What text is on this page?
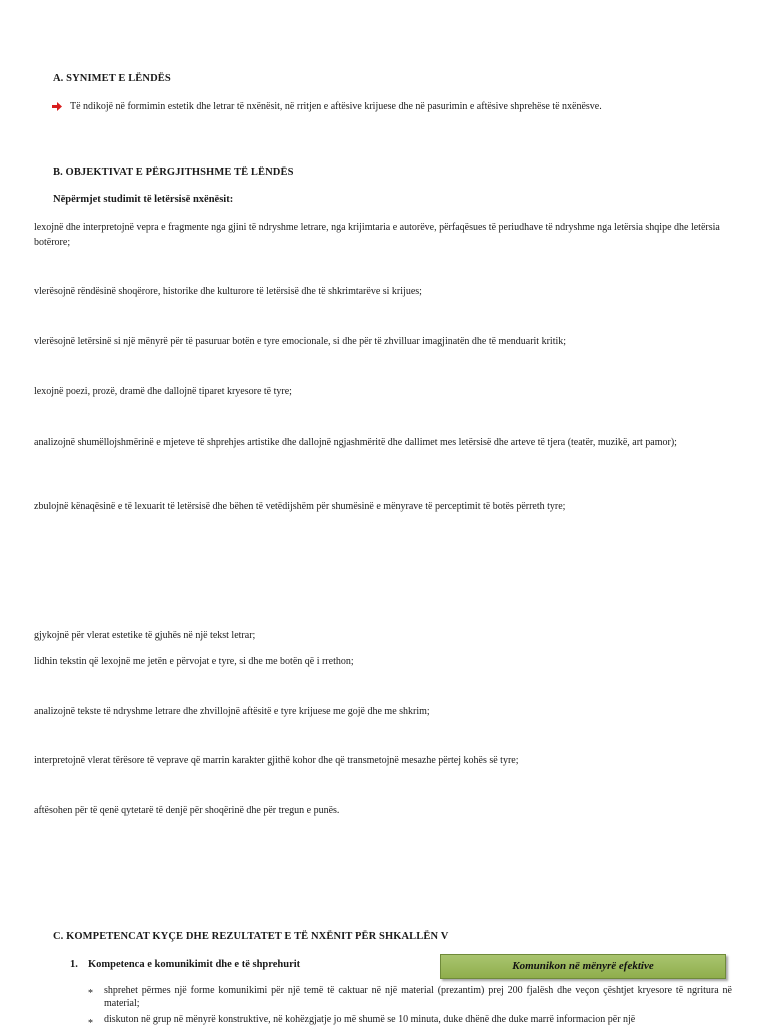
A. SYNIMET E LËNDËS
Të ndikojë në formimin estetik dhe letrar të nxënësit, në rritjen e aftësive krijuese dhe në pasurimin e aftësive shprehëse të nxënësve.
B. OBJEKTIVAT E PËRGJITHSHME TË LËNDËS
Nëpërmjet studimit të letërsisë nxënësit:
lexojnë dhe interpretojnë vepra e fragmente nga gjini të ndryshme letrare, nga krijimtaria e autorëve, përfaqësues të periudhave të ndryshme nga letërsia shqipe dhe letërsia botërore;
vlerësojnë rëndësinë shoqërore, historike dhe kulturore të letërsisë dhe të shkrimtarëve si krijues;
vlerësojnë letërsinë si një mënyrë për të pasuruar botën e tyre emocionale, si dhe për të zhvilluar imagjinatën dhe të menduarit kritik;
lexojnë poezi, prozë, dramë dhe dallojnë tiparet kryesore të tyre;
analizojnë shumëllojshmërinë e mjeteve të shprehjes artistike dhe dallojnë ngjashmëritë dhe dallimet mes letërsisë dhe arteve të tjera (teatër, muzikë, art pamor);
zbulojnë kënaqësinë e të lexuarit të letërsisë dhe bëhen të vetëdijshëm për shumësinë e mënyrave të perceptimit të botës përreth tyre;
gjykojnë për vlerat estetike të gjuhës në një tekst letrar;
lidhin tekstin që lexojnë me jetën e përvojat e tyre, si dhe me botën që i rrethon;
analizojnë tekste të ndryshme letrare dhe zhvillojnë aftësitë e tyre krijuese me gojë dhe me shkrim;
interpretojnë vlerat tërësore të veprave që marrin karakter gjithë kohor dhe që transmetojnë mesazhe përtej kohës së tyre;
aftësohen për të qenë qytetarë të denjë për shoqërinë dhe për tregun e punës.
C. KOMPETENCAT KYÇE DHE REZULTATET E TË NXËNIT PËR SHKALLËN V
1. Kompetenca e komunikimit dhe e të shprehurit	Komunikon në mënyrë efektive
* shprehet përmes një forme komunikimi për një temë të caktuar në një material (prezantim) prej 200 fjalësh dhe veçon çështjet kryesore të ngritura në material;
* diskuton në grup në mënyrë konstruktive, në kohëzgjatje jo më shumë se 10 minuta, duke dhënë dhe duke marrë informacion për një
